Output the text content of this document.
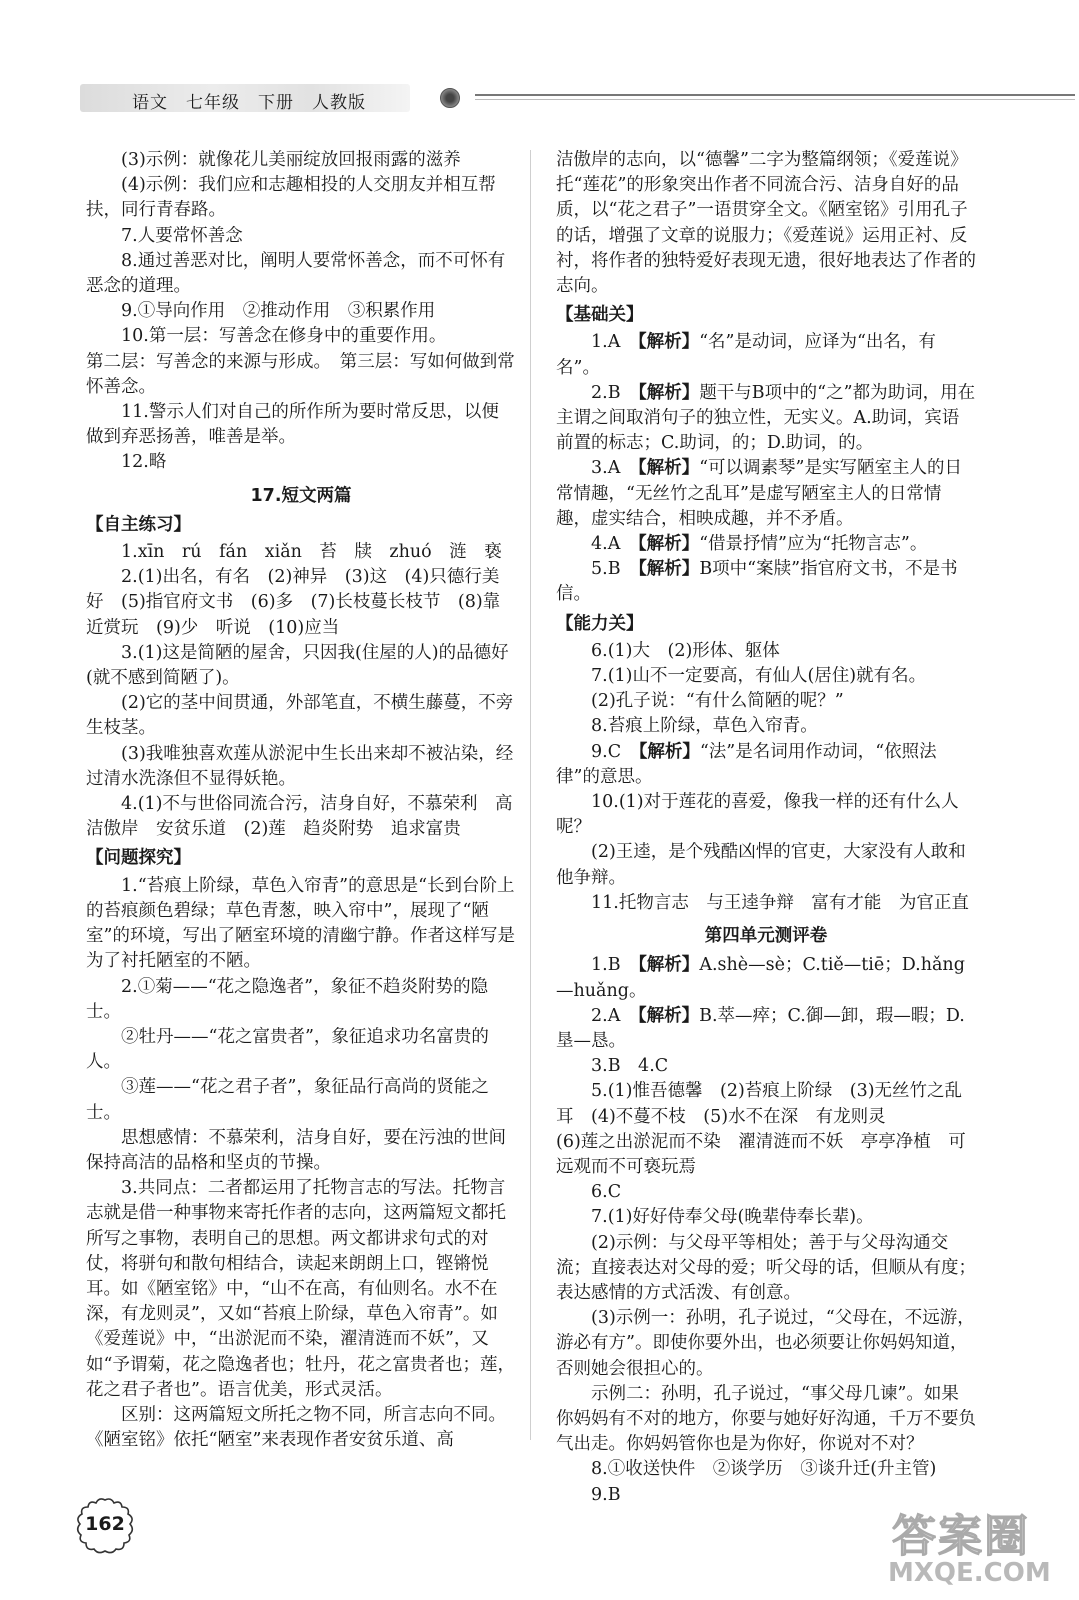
语文 七年级 下册 人教版

(3)示例：就像花儿美丽绽放回报雨露的滋养

(4)示例：我们应和志趣相投的人交朋友并相互帮扶，同行青春路。

7.人要常怀善念

8.通过善恶对比，阐明人要常怀善念，而不可怀有恶念的道理。

9.①导向作用　②推动作用　③积累作用

10.第一层：写善念在修身中的重要作用。

第二层：写善念的来源与形成。　第三层：写如何做到常怀善念。

11.警示人们对自己的所作所为要时常反思，以便做到弃恶扬善，唯善是举。

12.略

17.短文两篇
【自主练习】

1.xīn　rú　fán　xiǎn　苔　牍　zhuó　涟　亵

2.(1)出名，有名　(2)神异　(3)这　(4)只德行美好　(5)指官府文书　(6)多　(7)长枝蔓长枝节　(8)靠近赏玩　(9)少　听说　(10)应当

3.(1)这是简陋的屋舍，只因我(住屋的人)的品德好(就不感到简陋了)。

(2)它的茎中间贯通，外部笔直，不横生藤蔓，不旁生枝茎。

(3)我唯独喜欢莲从淤泥中生长出来却不被沾染，经过清水洗涤但不显得妖艳。

4.(1)不与世俗同流合污，洁身自好，不慕荣利　高洁傲岸　安贫乐道　(2)莲　趋炎附势　追求富贵

【问题探究】

1.“苔痕上阶绿，草色入帘青”的意思是“长到台阶上的苔痕颜色碧绿；草色青葱，映入帘中”，展现了“陋室”的环境，写出了陋室环境的清幽宁静。作者这样写是为了衬托陋室的不陋。

2.①菊——“花之隐逸者”，象征不趋炎附势的隐士。

②牡丹——“花之富贵者”，象征追求功名富贵的人。

③莲——“花之君子者”，象征品行高尚的贤能之士。

思想感情：不慕荣利，洁身自好，要在污浊的世间保持高洁的品格和坚贞的节操。

3.共同点：二者都运用了托物言志的写法。托物言志就是借一种事物来寄托作者的志向，这两篇短文都托所写之事物，表明自己的思想。两文都讲求句式的对仗，将骈句和散句相结合，读起来朗朗上口，铿锵悦耳。如《陋室铭》中，“山不在高，有仙则名。水不在深，有龙则灵”，又如“苔痕上阶绿，草色入帘青”。如《爱莲说》中，“出淤泥而不染，濯清涟而不妖”，又如“予谓菊，花之隐逸者也；牡丹，花之富贵者也；莲，花之君子者也”。语言优美，形式灵活。

区别：这两篇短文所托之物不同，所言志向不同。《陋室铭》依托“陋室”来表现作者安贫乐道、高

洁傲岸的志向，以“德馨”二字为整篇纲领；《爱莲说》托“莲花”的形象突出作者不同流合污、洁身自好的品质，以“花之君子”一语贯穿全文。《陋室铭》引用孔子的话，增强了文章的说服力；《爱莲说》运用正衬、反衬，将作者的独特爱好表现无遗，很好地表达了作者的志向。

【基础关】

1.A　 【解析】“名”是动词，应译为“出名，有名”。

2.B　 【解析】题干与B项中的“之”都为助词，用在主谓之间取消句子的独立性，无实义。A.助词，宾语前置的标志；C.助词，的；D.助词，的。

3.A　 【解析】“可以调素琴”是实写陋室主人的日常情趣，“无丝竹之乱耳”是虚写陋室主人的日常情趣，虚实结合，相映成趣，并不矛盾。

4.A　 【解析】“借景抒情”应为“托物言志”。

5.B　 【解析】B项中“案牍”指官府文书，不是书信。

【能力关】

6.(1)大　(2)形体、躯体

7.(1)山不一定要高，有仙人(居住)就有名。

(2)孔子说：“有什么简陋的呢？”

8.苔痕上阶绿，草色入帘青。

9.C　 【解析】“法”是名词用作动词，“依照法律”的意思。

10.(1)对于莲花的喜爱，像我一样的还有什么人呢？

(2)王逵，是个残酷凶悍的官吏，大家没有人敢和他争辩。

11.托物言志　与王逵争辩　富有才能　为官正直

第四单元测评卷

1.B　 【解析】A.shè—sè；C.tiě—tiē；D.hǎng—huǎng。

2.A　 【解析】B.萃—瘁；C.御—卸，瑕—暇；D.垦—恳。

3.B　4.C

5.(1)惟吾德馨　(2)苔痕上阶绿　(3)无丝竹之乱耳　(4)不蔓不枝　(5)水不在深　有龙则灵

(6)莲之出淤泥而不染　濯清涟而不妖　亭亭净植　可远观而不可亵玩焉

6.C

7.(1)好好侍奉父母(晚辈侍奉长辈)。

(2)示例：与父母平等相处；善于与父母沟通交流；直接表达对父母的爱；听父母的话，但顺从有度；表达感情的方式活泼、有创意。

(3)示例一：孙明，孔子说过，“父母在，不远游，游必有方”。即使你要外出，也必须要让你妈妈知道，否则她会很担心的。

示例二：孙明，孔子说过，“事父母几谏”。如果你妈妈有不对的地方，你要与她好好沟通，千万不要负气出走。你妈妈管你也是为你好，你说对不对？

8.①收送快件　②谈学历　③谈升迁(升主管)

9.B

162	答案圈
MXQE.COM
